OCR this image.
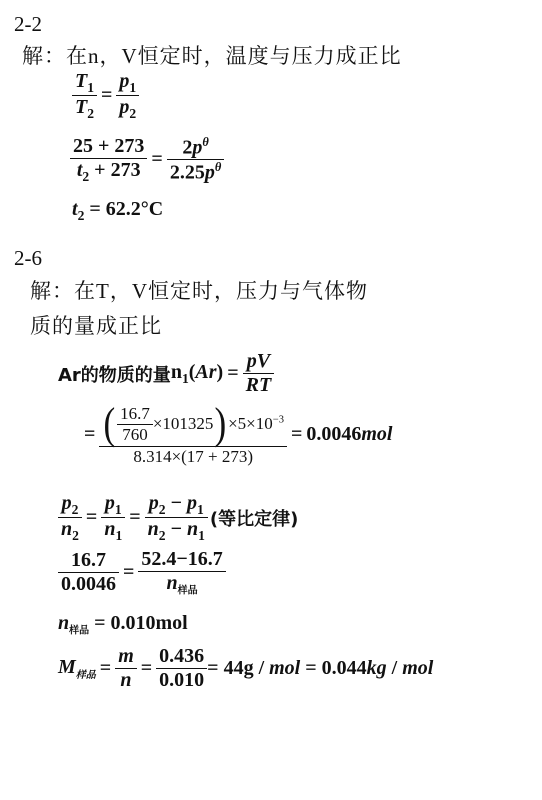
2-2
解：在n，V恒定时，温度与压力成正比
$\frac{T_1}{T_2} = \frac{p_1}{p_2}$
$\frac{25 + 273}{t_2 + 273} = \frac{2p^\theta}{2.25p^\theta}$
$t_2 = 62.2^\circ C$
2-6
解：在T，V恒定时，压力与气体物
质的量成正比
Ar的物质的量 $n_1(Ar) = \frac{pV}{RT}$
= ( $\frac{16.7}{760} \times 101325$ ) $\times 5\times 10^{-3}$
8.314×(17 + 273)
= 0.0046mol
$\frac{p_2}{n_2} = \frac{p_1}{n_1} = \frac{p_2 - p_1}{n_2 - n_1}$ (等比定律)
$\frac{16.7}{0.0046} = \frac{52.4-16.7}{n_{样品}}$
$n_{样品} = 0.010mol$
$M_{样品} = \frac{m}{n} = \frac{0.436}{0.010} = 44g$ / mol = 0.044kg / mol
